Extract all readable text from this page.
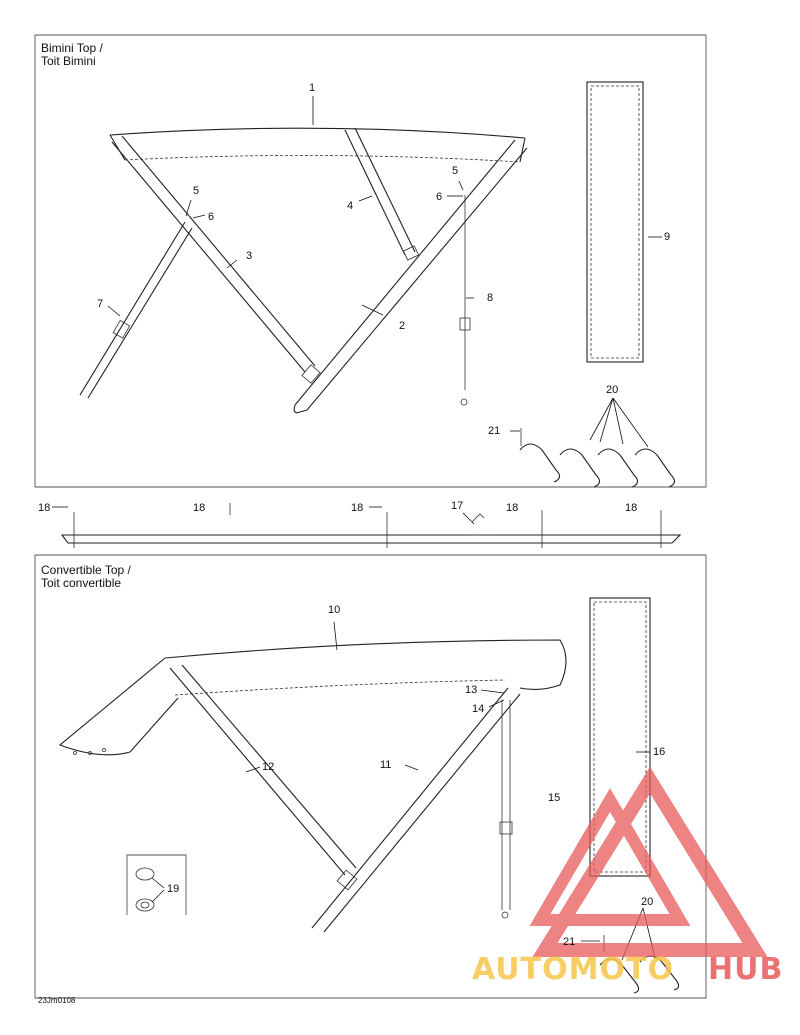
Bimini Top /
Toit Bimini
Convertible Top /
Toit convertible
1
2
3
4
5
6
5
6
7	8
9
20
21
18	18	18	17	18	18
10
13
14
11
12
16
15
19
20
21
23Jm0108
AUTOMOTO HUB
